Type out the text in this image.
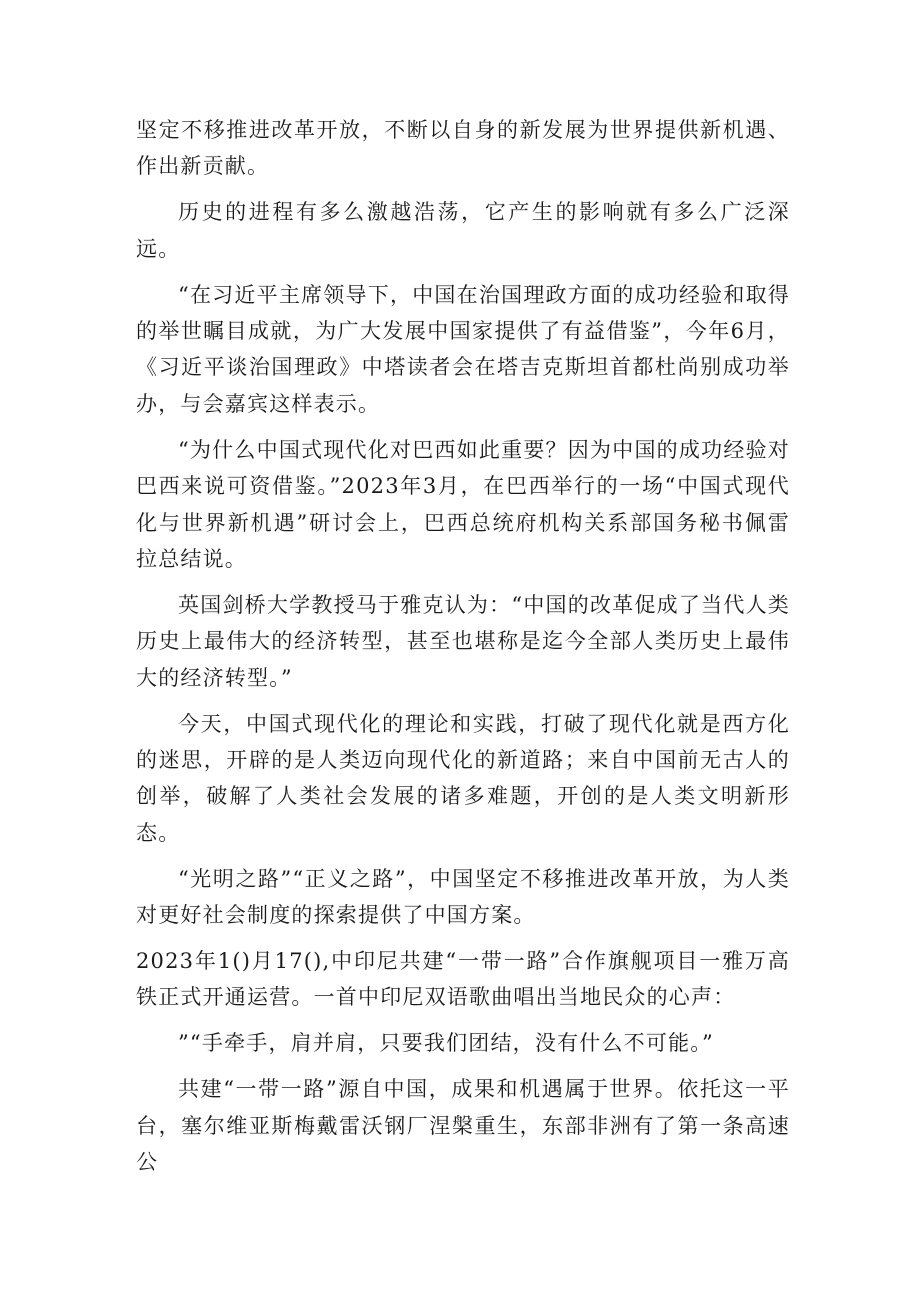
坚定不移推进改革开放，不断以自身的新发展为世界提供新机遇、作出新贡献。

历史的进程有多么激越浩荡，它产生的影响就有多么广泛深远。

“在习近平主席领导下，中国在治国理政方面的成功经验和取得的举世瞩目成就，为广大发展中国家提供了有益借鉴”，今年6月，《习近平谈治国理政》中塔读者会在塔吉克斯坦首都杜尚别成功举办，与会嘉宾这样表示。

“为什么中国式现代化对巴西如此重要？因为中国的成功经验对巴西来说可资借鉴。”2023年3月，在巴西举行的一场“中国式现代化与世界新机遇”研讨会上，巴西总统府机构关系部国务秘书佩雷拉总结说。

英国剑桥大学教授马于雅克认为：“中国的改革促成了当代人类历史上最伟大的经济转型，甚至也堪称是迄今全部人类历史上最伟大的经济转型。”

今天，中国式现代化的理论和实践，打破了现代化就是西方化的迷思，开辟的是人类迈向现代化的新道路；来自中国前无古人的创举，破解了人类社会发展的诸多难题，开创的是人类文明新形态。

“光明之路”“正义之路”，中国坚定不移推进改革开放，为人类对更好社会制度的探索提供了中国方案。

2023年1()月17(),中印尼共建“一带一路”合作旗舰项目一雅万高铁正式开通运营。一首中印尼双语歌曲唱出当地民众的心声：

”“手牵手，肩并肩，只要我们团结，没有什么不可能。”

共建“一带一路”源自中国，成果和机遇属于世界。依托这一平台，塞尔维亚斯梅戴雷沃钢厂涅槃重生，东部非洲有了第一条高速公
